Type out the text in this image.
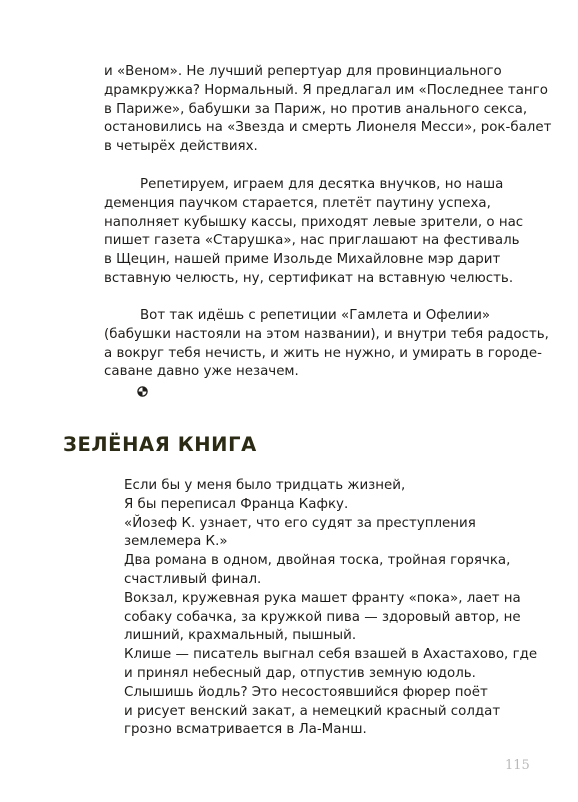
и «Веном». Не лучший репертуар для провинциального
драмкружка? Нормальный. Я предлагал им «Последнее танго
в Париже», бабушки за Париж, но против анального секса,
остановились на «Звезда и смерть Лионеля Месси», рок-балет
в четырёх действиях.
Репетируем, играем для десятка внучков, но наша
деменция паучком старается, плетёт паутину успеха,
наполняет кубышку кассы, приходят левые зрители, о нас
пишет газета «Старушка», нас приглашают на фестиваль
в Щецин, нашей приме Изольде Михайловне мэр дарит
вставную челюсть, ну, сертификат на вставную челюсть.
Вот так идёшь с репетиции «Гамлета и Офелии»
(бабушки настояли на этом названии), и внутри тебя радость,
а вокруг тебя нечисть, и жить не нужно, и умирать в городе-
саване давно уже незачем.
ЗЕЛЁНАЯ КНИГА
Если бы у меня было тридцать жизней,
Я бы переписал Франца Кафку.
«Йозеф К. узнает, что его судят за преступления
землемера К.»
Два романа в одном, двойная тоска, тройная горячка,
счастливый финал.
Вокзал, кружевная рука машет франту «пока», лает на
собаку собачка, за кружкой пива — здоровый автор, не
лишний, крахмальный, пышный.
Клише — писатель выгнал себя взашей в Ахастахово, где
и принял небесный дар, отпустив земную юдоль.
Слышишь йодль? Это несостоявшийся фюрер поёт
и рисует венский закат, а немецкий красный солдат
грозно всматривается в Ла-Манш.
115
